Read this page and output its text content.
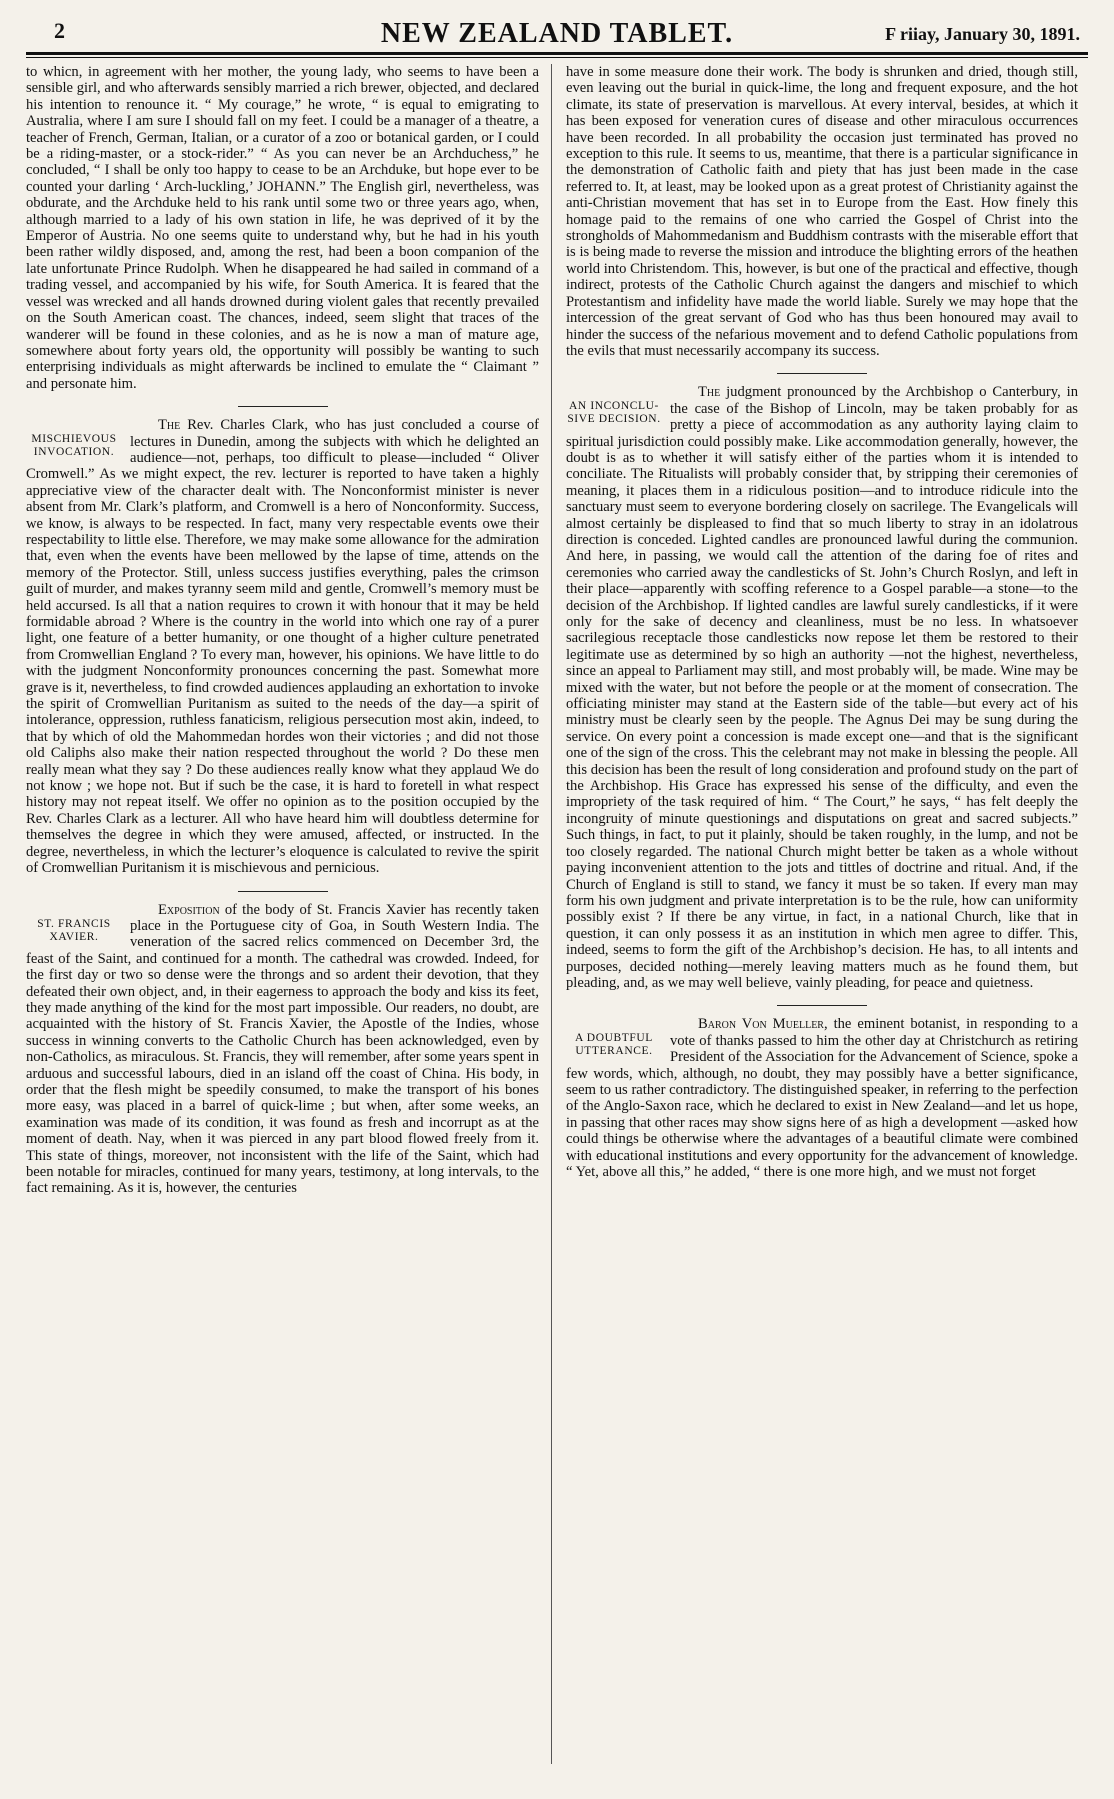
2	NEW ZEALAND TABLET.	F riiay, January 30, 1891.

to whicn, in agreement with her mother, the young lady, who seems to have been a sensible girl, and who afterwards sensibly married a rich brewer, objected, and declared his intention to renounce it. “ My courage,” he wrote, “ is equal to emigrating to Australia, where I am sure I should fall on my feet. I could be a manager of a theatre, a teacher of French, German, Italian, or a curator of a zoo or botanical garden, or I could be a riding-master, or a stock-rider.” “ As you can never be an Archduchess,” he concluded, “ I shall be only too happy to cease to be an Archduke, but hope ever to be counted your darling ‘ Arch-luckling,’ JOHANN.” The English girl, nevertheless, was obdurate, and the Archduke held to his rank until some two or three years ago, when, although married to a lady of his own station in life, he was deprived of it by the Emperor of Austria. No one seems quite to understand why, but he had in his youth been rather wildly disposed, and, among the rest, had been a boon companion of the late unfortunate Prince Rudolph. When he disappeared he had sailed in command of a trading vessel, and accompanied by his wife, for South America. It is feared that the vessel was wrecked and all hands drowned during violent gales that recently prevailed on the South American coast. The chances, indeed, seem slight that traces of the wanderer will be found in these colonies, and as he is now a man of mature age, somewhere about forty years old, the opportunity will possibly be wanting to such enterprising individuals as might afterwards be inclined to emulate the “ Claimant ” and personate him.

MISCHIEVOUS INVOCATION.

The Rev. Charles Clark, who has just concluded a course of lectures in Dunedin, among the subjects with which he delighted an audience—not, perhaps, too difficult to please—included “ Oliver Cromwell.” As we might expect, the rev. lecturer is reported to have taken a highly appreciative view of the character dealt with. The Nonconformist minister is never absent from Mr. Clark’s platform, and Cromwell is a hero of Nonconformity. Success, we know, is always to be respected. In fact, many very respectable events owe their respectability to little else. Therefore, we may make some allowance for the admiration that, even when the events have been mellowed by the lapse of time, attends on the memory of the Protector. Still, unless success justifies everything, pales the crimson guilt of murder, and makes tyranny seem mild and gentle, Cromwell’s memory must be held accursed. Is all that a nation requires to crown it with honour that it may be held formidable abroad ? Where is the country in the world into which one ray of a purer light, one feature of a better humanity, or one thought of a higher culture penetrated from Cromwellian England ? To every man, however, his opinions. We have little to do with the judgment Nonconformity pronounces concerning the past. Somewhat more grave is it, nevertheless, to find crowded audiences applauding an exhortation to invoke the spirit of Cromwellian Puritanism as suited to the needs of the day—a spirit of intolerance, oppression, ruthless fanaticism, religious persecution most akin, indeed, to that by which of old the Mahommedan hordes won their victories ; and did not those old Caliphs also make their nation respected throughout the world ? Do these men really mean what they say ? Do these audiences really know what they applaud We do not know ; we hope not. But if such be the case, it is hard to foretell in what respect history may not repeat itself. We offer no opinion as to the position occupied by the Rev. Charles Clark as a lecturer. All who have heard him will doubtless determine for themselves the degree in which they were amused, affected, or instructed. In the degree, nevertheless, in which the lecturer’s eloquence is calculated to revive the spirit of Cromwellian Puritanism it is mischievous and pernicious.

ST. FRANCIS XAVIER.

Exposition of the body of St. Francis Xavier has recently taken place in the Portuguese city of Goa, in South Western India. The veneration of the sacred relics commenced on December 3rd, the feast of the Saint, and continued for a month. The cathedral was crowded. Indeed, for the first day or two so dense were the throngs and so ardent their devotion, that they defeated their own object, and, in their eagerness to approach the body and kiss its feet, they made anything of the kind for the most part impossible. Our readers, no doubt, are acquainted with the history of St. Francis Xavier, the Apostle of the Indies, whose success in winning converts to the Catholic Church has been acknowledged, even by non-Catholics, as miraculous. St. Francis, they will remember, after some years spent in arduous and successful labours, died in an island off the coast of China. His body, in order that the flesh might be speedily consumed, to make the transport of his bones more easy, was placed in a barrel of quick-lime ; but when, after some weeks, an examination was made of its condition, it was found as fresh and incorrupt as at the moment of death. Nay, when it was pierced in any part blood flowed freely from it. This state of things, moreover, not inconsistent with the life of the Saint, which had been notable for miracles, continued for many years, testimony, at long intervals, to the fact remaining. As it is, however, the centuries

have in some measure done their work. The body is shrunken and dried, though still, even leaving out the burial in quick-lime, the long and frequent exposure, and the hot climate, its state of preservation is marvellous. At every interval, besides, at which it has been exposed for veneration cures of disease and other miraculous occurrences have been recorded. In all probability the occasion just terminated has proved no exception to this rule. It seems to us, meantime, that there is a particular significance in the demonstration of Catholic faith and piety that has just been made in the case referred to. It, at least, may be looked upon as a great protest of Christianity against the anti-Christian movement that has set in to Europe from the East. How finely this homage paid to the remains of one who carried the Gospel of Christ into the strongholds of Mahommedanism and Buddhism contrasts with the miserable effort that is is being made to reverse the mission and introduce the blighting errors of the heathen world into Christendom. This, however, is but one of the practical and effective, though indirect, protests of the Catholic Church against the dangers and mischief to which Protestantism and infidelity have made the world liable. Surely we may hope that the intercession of the great servant of God who has thus been honoured may avail to hinder the success of the nefarious movement and to defend Catholic populations from the evils that must necessarily accompany its success.

AN INCONCLU- SIVE DECISION.

The judgment pronounced by the Archbishop o Canterbury, in the case of the Bishop of Lincoln, may be taken probably for as pretty a piece of accommodation as any authority laying claim to spiritual jurisdiction could possibly make. Like accommodation generally, however, the doubt is as to whether it will satisfy either of the parties whom it is intended to conciliate. The Ritualists will probably consider that, by stripping their ceremonies of meaning, it places them in a ridiculous position—and to introduce ridicule into the sanctuary must seem to everyone bordering closely on sacrilege. The Evangelicals will almost certainly be displeased to find that so much liberty to stray in an idolatrous direction is conceded. Lighted candles are pronounced lawful during the communion. And here, in passing, we would call the attention of the daring foe of rites and ceremonies who carried away the candlesticks of St. John’s Church Roslyn, and left in their place—apparently with scoffing reference to a Gospel parable—a stone—to the decision of the Archbishop. If lighted candles are lawful surely candlesticks, if it were only for the sake of decency and cleanliness, must be no less. In whatsoever sacrilegious receptacle those candlesticks now repose let them be restored to their legitimate use as determined by so high an authority —not the highest, nevertheless, since an appeal to Parliament may still, and most probably will, be made. Wine may be mixed with the water, but not before the people or at the moment of consecration. The officiating minister may stand at the Eastern side of the table—but every act of his ministry must be clearly seen by the people. The Agnus Dei may be sung during the service. On every point a concession is made except one—and that is the significant one of the sign of the cross. This the celebrant may not make in blessing the people. All this decision has been the result of long consideration and profound study on the part of the Archbishop. His Grace has expressed his sense of the difficulty, and even the impropriety of the task required of him. “ The Court,” he says, “ has felt deeply the incongruity of minute questionings and disputations on great and sacred subjects.” Such things, in fact, to put it plainly, should be taken roughly, in the lump, and not be too closely regarded. The national Church might better be taken as a whole without paying inconvenient attention to the jots and tittles of doctrine and ritual. And, if the Church of England is still to stand, we fancy it must be so taken. If every man may form his own judgment and private interpretation is to be the rule, how can uniformity possibly exist ? If there be any virtue, in fact, in a national Church, like that in question, it can only possess it as an institution in which men agree to differ. This, indeed, seems to form the gift of the Archbishop’s decision. He has, to all intents and purposes, decided nothing—merely leaving matters much as he found them, but pleading, and, as we may well believe, vainly pleading, for peace and quietness.

A DOUBTFUL UTTERANCE.

Baron Von Mueller, the eminent botanist, in responding to a vote of thanks passed to him the other day at Christchurch as retiring President of the Association for the Advancement of Science, spoke a few words, which, although, no doubt, they may possibly have a better significance, seem to us rather contradictory. The distinguished speaker, in referring to the perfection of the Anglo-Saxon race, which he declared to exist in New Zealand—and let us hope, in passing that other races may show signs here of as high a development —asked how could things be otherwise where the advantages of a beautiful climate were combined with educational institutions and every opportunity for the advancement of knowledge. “ Yet, above all this,” he added, “ there is one more high, and we must not forget
